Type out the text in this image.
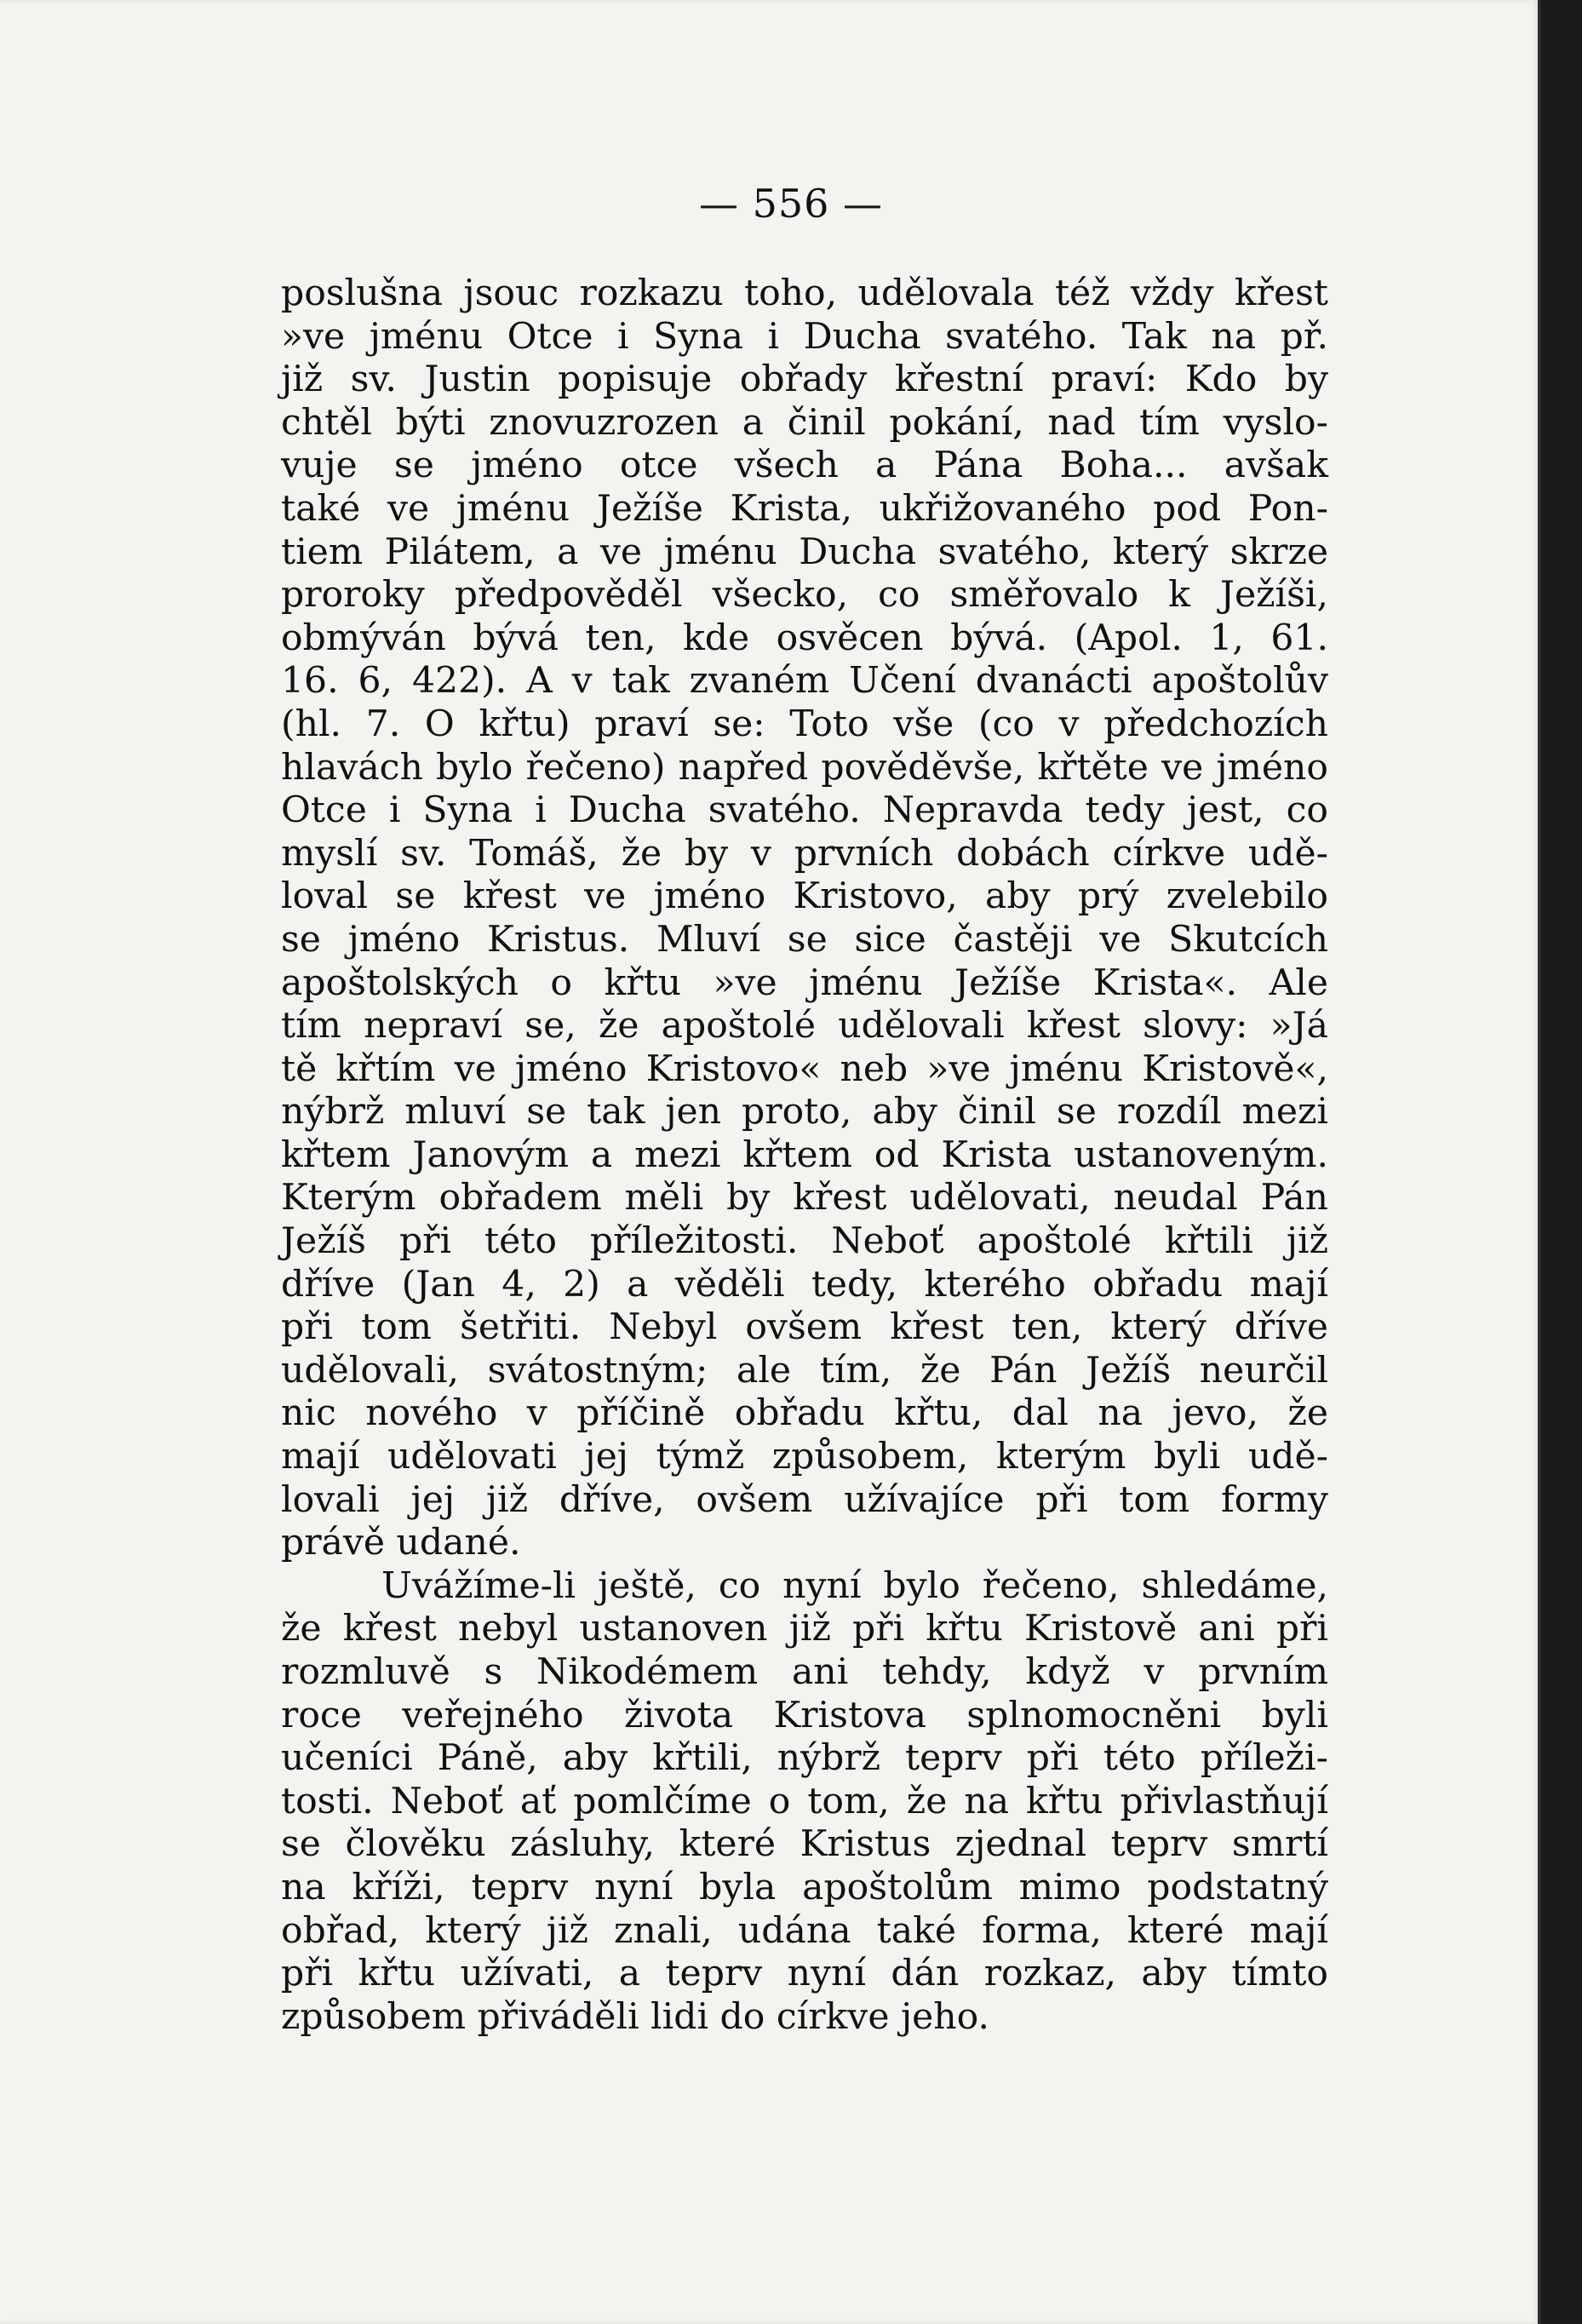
— 556 —
poslušna jsouc rozkazu toho, udělovala též vždy křest
»ve jménu Otce i Syna i Ducha svatého. Tak na př.
již sv. Justin popisuje obřady křestní praví: Kdo by
chtěl býti znovuzrozen a činil pokání, nad tím vyslo-
vuje se jméno otce všech a Pána Boha... avšak
také ve jménu Ježíše Krista, ukřižovaného pod Pon-
tiem Pilátem, a ve jménu Ducha svatého, který skrze
proroky předpověděl všecko, co směřovalo k Ježíši,
obmýván bývá ten, kde osvěcen bývá. (Apol. 1, 61.
16. 6, 422). A v tak zvaném Učení dvanácti apoštolův
(hl. 7. O křtu) praví se: Toto vše (co v předchozích
hlavách bylo řečeno) napřed pověděvše, křtěte ve jméno
Otce i Syna i Ducha svatého. Nepravda tedy jest, co
myslí sv. Tomáš, že by v prvních dobách církve udě-
loval se křest ve jméno Kristovo, aby prý zvelebilo
se jméno Kristus. Mluví se sice častěji ve Skutcích
apoštolských o křtu »ve jménu Ježíše Krista«. Ale
tím nepraví se, že apoštolé udělovali křest slovy: »Já
tě křtím ve jméno Kristovo« neb »ve jménu Kristově«,
nýbrž mluví se tak jen proto, aby činil se rozdíl mezi
křtem Janovým a mezi křtem od Krista ustanoveným.
Kterým obřadem měli by křest udělovati, neudal Pán
Ježíš při této příležitosti. Neboť apoštolé křtili již
dříve (Jan 4, 2) a věděli tedy, kterého obřadu mají
při tom šetřiti. Nebyl ovšem křest ten, který dříve
udělovali, svátostným; ale tím, že Pán Ježíš neurčil
nic nového v příčině obřadu křtu, dal na jevo, že
mají udělovati jej týmž způsobem, kterým byli udě-
lovali jej již dříve, ovšem užívajíce při tom formy
právě udané.
Uvážíme-li ještě, co nyní bylo řečeno, shledáme,
že křest nebyl ustanoven již při křtu Kristově ani při
rozmluvě s Nikodémem ani tehdy, když v prvním
roce veřejného života Kristova splnomocněni byli
učeníci Páně, aby křtili, nýbrž teprv při této příleži-
tosti. Neboť ať pomlčíme o tom, že na křtu přivlastňují
se člověku zásluhy, které Kristus zjednal teprv smrtí
na kříži, teprv nyní byla apoštolům mimo podstatný
obřad, který již znali, udána také forma, které mají
při křtu užívati, a teprv nyní dán rozkaz, aby tímto
způsobem přiváděli lidi do církve jeho.
